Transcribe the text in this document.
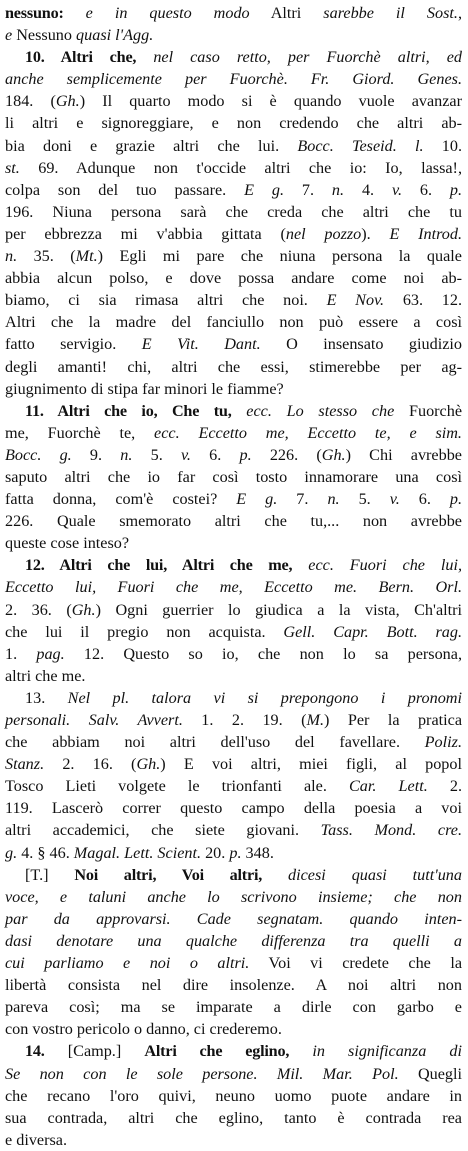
nessuno: e in questo modo Altri sarebbe il Sost.,

e Nessuno quasi l'Agg.

10. Altri che, nel caso retto, per Fuorchè altri, ed

anche semplicemente per Fuorchè. Fr. Giord. Genes.

184. (Gh.) Il quarto modo si è quando vuole avanzar

li altri e signoreggiare, e non credendo che altri ab-

bia doni e grazie altri che lui. Bocc. Teseid. l. 10.

st. 69. Adunque non t'occide altri che io: Io, lassa!,

colpa son del tuo passare. E g. 7. n. 4. v. 6. p.

196. Niuna persona sarà che creda che altri che tu

per ebbrezza mi v'abbia gittata (nel pozzo). E Introd.

n. 35. (Mt.) Egli mi pare che niuna persona la quale

abbia alcun polso, e dove possa andare come noi ab-

biamo, ci sia rimasa altri che noi. E Nov. 63. 12.

Altri che la madre del fanciullo non può essere a così

fatto servigio. E Vit. Dant. O insensato giudizio

degli amanti! chi, altri che essi, stimerebbe per ag-

giugnimento di stipa far minori le fiamme?

11. Altri che io, Che tu, ecc. Lo stesso che Fuorchè

me, Fuorchè te, ecc. Eccetto me, Eccetto te, e sim.

Bocc. g. 9. n. 5. v. 6. p. 226. (Gh.) Chi avrebbe

saputo altri che io far così tosto innamorare una così

fatta donna, com'è costei? E g. 7. n. 5. v. 6. p.

226. Quale smemorato altri che tu,... non avrebbe

queste cose inteso?

12. Altri che lui, Altri che me, ecc. Fuori che lui,

Eccetto lui, Fuori che me, Eccetto me. Bern. Orl.

2. 36. (Gh.) Ogni guerrier lo giudica a la vista, Ch'altri

che lui il pregio non acquista. Gell. Capr. Bott. rag.

1. pag. 12. Questo so io, che non lo sa persona,

altri che me.

13. Nel pl. talora vi si prepongono i pronomi

personali. Salv. Avvert. 1. 2. 19. (M.) Per la pratica

che abbiam noi altri dell'uso del favellare. Poliz.

Stanz. 2. 16. (Gh.) E voi altri, miei figli, al popol

Tosco Lieti volgete le trionfanti ale. Car. Lett. 2.

119. Lascerò correr questo campo della poesia a voi

altri accademici, che siete giovani. Tass. Mond. cre.

g. 4. § 46. Magal. Lett. Scient. 20. p. 348.

[T.] Noi altri, Voi altri, dicesi quasi tutt'una

voce, e taluni anche lo scrivono insieme; che non

par da approvarsi. Cade segnatam. quando inten-

dasi denotare una qualche differenza tra quelli a

cui parliamo e noi o altri. Voi vi credete che la

libertà consista nel dire insolenze. A noi altri non

pareva così; ma se imparate a dirle con garbo e

con vostro pericolo o danno, ci crederemo.

14. [Camp.] Altri che eglino, in significanza di

Se non con le sole persone. Mil. Mar. Pol. Quegli

che recano l'oro quivi, neuno uomo puote andare in

sua contrada, altri che eglino, tanto è contrada rea

e diversa.
